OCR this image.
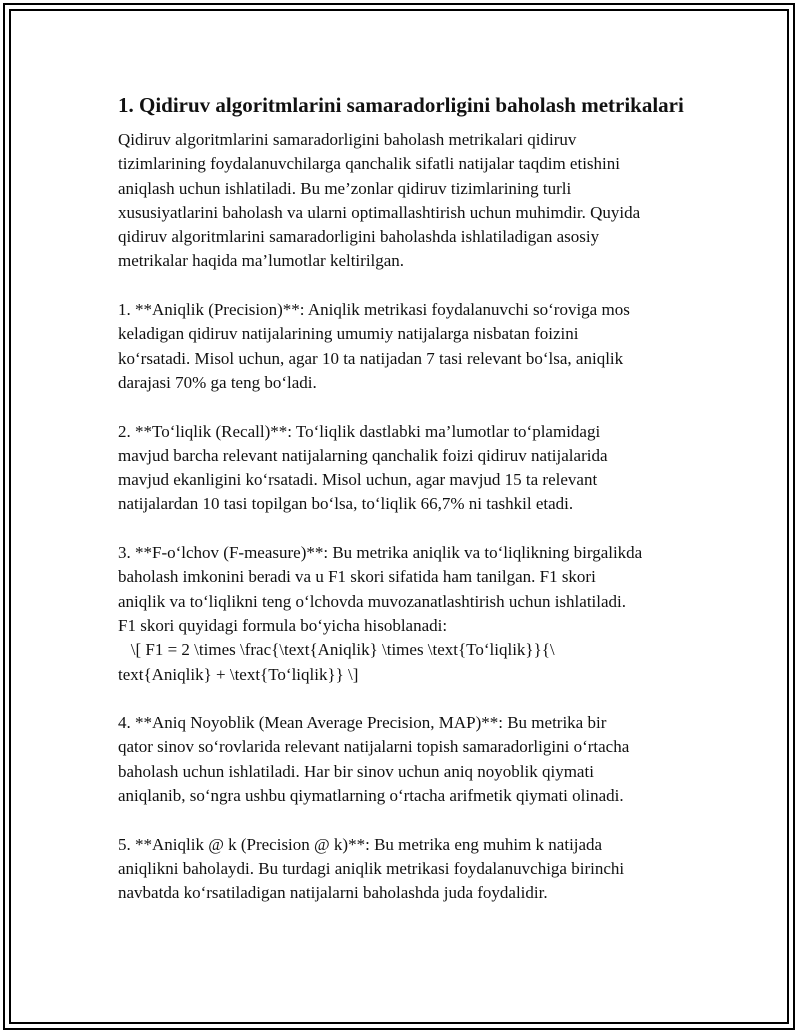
1. Qidiruv algoritmlarini samaradorligini baholash metrikalari
Qidiruv algoritmlarini samaradorligini baholash metrikalari qidiruv
tizimlarining foydalanuvchilarga qanchalik sifatli natijalar taqdim etishini
aniqlash uchun ishlatiladi. Bu me’zonlar qidiruv tizimlarining turli
xususiyatlarini baholash va ularni optimallashtirish uchun muhimdir. Quyida
qidiruv algoritmlarini samaradorligini baholashda ishlatiladigan asosiy
metrikalar haqida ma’lumotlar keltirilgan.
1. **Aniqlik (Precision)**: Aniqlik metrikasi foydalanuvchi so‘roviga mos
keladigan qidiruv natijalarining umumiy natijalarga nisbatan foizini
ko‘rsatadi. Misol uchun, agar 10 ta natijadan 7 tasi relevant bo‘lsa, aniqlik
darajasi 70% ga teng bo‘ladi.
2. **To‘liqlik (Recall)**: To‘liqlik dastlabki ma’lumotlar to‘plamidagi
mavjud barcha relevant natijalarning qanchalik foizi qidiruv natijalarida
mavjud ekanligini ko‘rsatadi. Misol uchun, agar mavjud 15 ta relevant
natijalardan 10 tasi topilgan bo‘lsa, to‘liqlik 66,7% ni tashkil etadi.
3. **F-o‘lchov (F-measure)**: Bu metrika aniqlik va to‘liqlikning birgalikda
baholash imkonini beradi va u F1 skori sifatida ham tanilgan. F1 skori
aniqlik va to‘liqlikni teng o‘lchovda muvozanatlashtirish uchun ishlatiladi.
F1 skori quyidagi formula bo‘yicha hisoblanadi:
\[ F1 = 2 \times \frac{\text{Aniqlik} \times \text{To‘liqlik}}{\
text{Aniqlik} + \text{To‘liqlik}} \]
4. **Aniq Noyoblik (Mean Average Precision, MAP)**: Bu metrika bir
qator sinov so‘rovlarida relevant natijalarni topish samaradorligini o‘rtacha
baholash uchun ishlatiladi. Har bir sinov uchun aniq noyoblik qiymati
aniqlanib, so‘ngra ushbu qiymatlarning o‘rtacha arifmetik qiymati olinadi.
5. **Aniqlik @ k (Precision @ k)**: Bu metrika eng muhim k natijada
aniqlikni baholaydi. Bu turdagi aniqlik metrikasi foydalanuvchiga birinchi
navbatda ko‘rsatiladigan natijalarni baholashda juda foydalidir.
